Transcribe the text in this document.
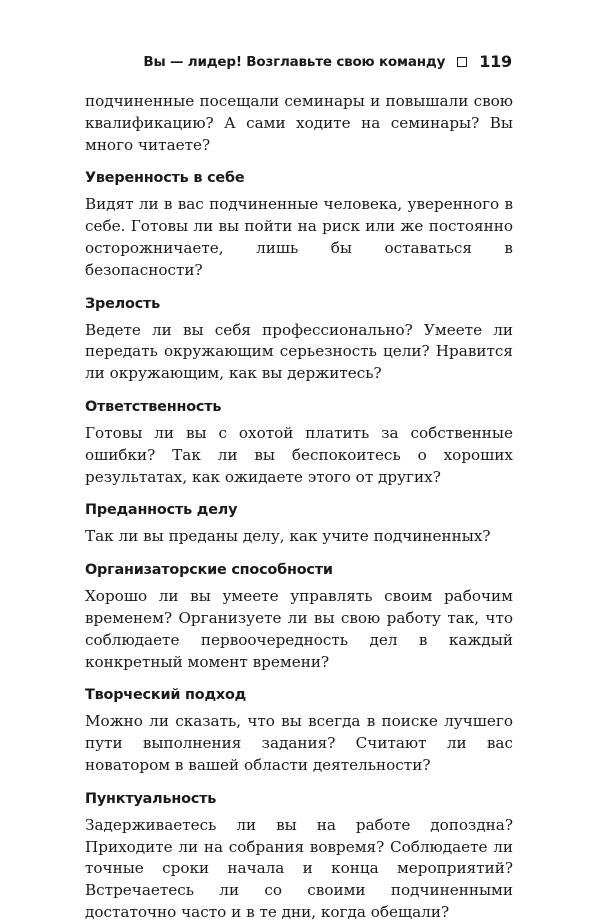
Вы — лидер! Возглавьте свою команду 119

подчиненные посещали семинары и повышали свою квалификацию? А сами ходите на семинары? Вы много читаете?

Уверенность в себе

Видят ли в вас подчиненные человека, уверенного в себе. Готовы ли вы пойти на риск или же постоянно осторожничаете, лишь бы оставаться в безопасности?

Зрелость

Ведете ли вы себя профессионально? Умеете ли передать окружающим серьезность цели? Нравится ли окружающим, как вы держитесь?

Ответственность

Готовы ли вы с охотой платить за собственные ошибки? Так ли вы беспокоитесь о хороших результатах, как ожидаете этого от других?

Преданность делу

Так ли вы преданы делу, как учите подчиненных?

Организаторские способности

Хорошо ли вы умеете управлять своим рабочим временем? Организуете ли вы свою работу так, что соблюдаете первоочередность дел в каждый конкретный момент времени?

Творческий подход

Можно ли сказать, что вы всегда в поиске лучшего пути выполнения задания? Считают ли вас новатором в вашей области деятельности?

Пунктуальность

Задерживаетесь ли вы на работе допоздна? Приходите ли на собрания вовремя? Соблюдаете ли точные сроки начала и конца мероприятий? Встречаетесь ли со своими подчиненными достаточно часто и в те дни, когда обещали?
